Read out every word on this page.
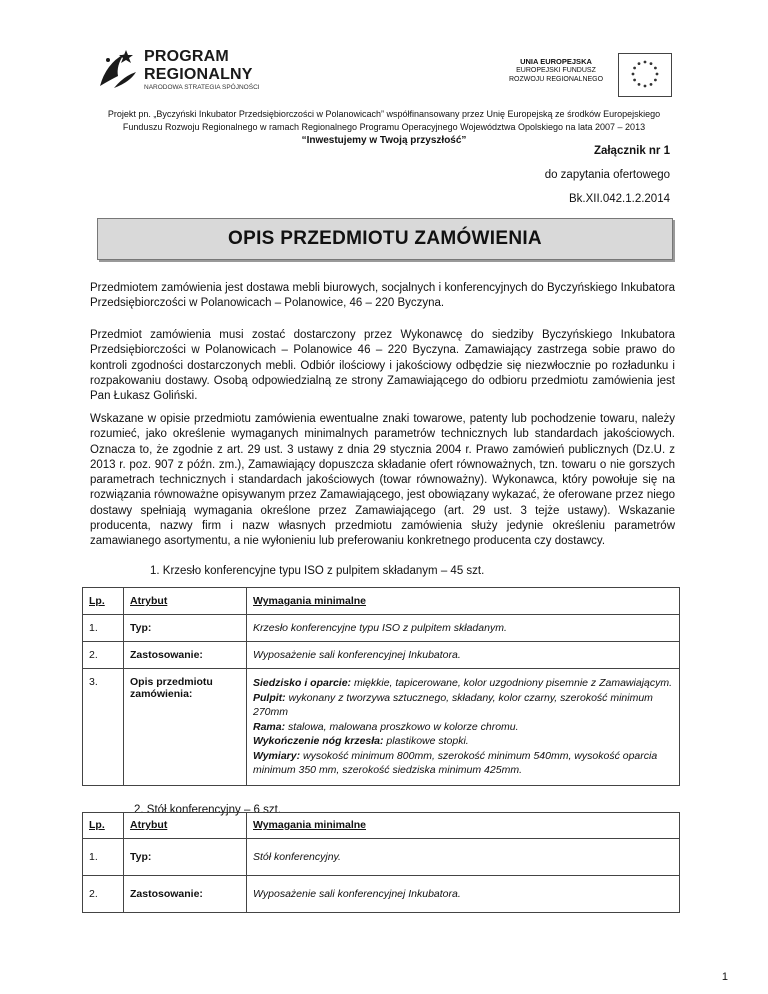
PROGRAM
REGIONALNY
NARODOWA STRATEGIA SPÓJNOŚCI
UNIA EUROPEJSKA
EUROPEJSKI FUNDUSZ
ROZWOJU REGIONALNEGO
Projekt pn. „Byczyński Inkubator Przedsiębiorczości w Polanowicach” współfinansowany przez Unię Europejską ze środków Europejskiego
Funduszu Rozwoju Regionalnego w ramach Regionalnego Programu Operacyjnego Województwa Opolskiego na lata 2007 – 2013
“Inwestujemy w Twoją przyszłość”
Załącznik nr 1
do zapytania ofertowego
Bk.XII.042.1.2.2014
OPIS PRZEDMIOTU ZAMÓWIENIA

Przedmiotem zamówienia jest dostawa mebli biurowych, socjalnych i konferencyjnych do Byczyńskiego Inkubatora Przedsiębiorczości w Polanowicach – Polanowice, 46 – 220 Byczyna.

Przedmiot zamówienia musi zostać dostarczony przez Wykonawcę do siedziby Byczyńskiego Inkubatora Przedsiębiorczości w Polanowicach – Polanowice 46 – 220 Byczyna. Zamawiający zastrzega sobie prawo do kontroli zgodności dostarczonych mebli. Odbiór ilościowy i jakościowy odbędzie się niezwłocznie po rozładunku i rozpakowaniu dostawy. Osobą odpowiedzialną ze strony Zamawiającego do odbioru przedmiotu zamówienia jest Pan Łukasz Goliński.

Wskazane w opisie przedmiotu zamówienia ewentualne znaki towarowe, patenty lub pochodzenie towaru, należy rozumieć, jako określenie wymaganych minimalnych parametrów technicznych lub standardach jakościowych. Oznacza to, że zgodnie z art. 29 ust. 3 ustawy z dnia 29 stycznia 2004 r. Prawo zamówień publicznych (Dz.U. z 2013 r. poz. 907 z późn. zm.), Zamawiający dopuszcza składanie ofert równoważnych, tzn. towaru o nie gorszych parametrach technicznych i standardach jakościowych (towar równoważny). Wykonawca, który powołuje się na rozwiązania równoważne opisywanym przez Zamawiającego, jest obowiązany wykazać, że oferowane przez niego dostawy spełniają wymagania określone przez Zamawiającego (art. 29 ust. 3 tejże ustawy). Wskazanie producenta, nazwy firm i nazw własnych przedmiotu zamówienia służy jedynie określeniu parametrów zamawianego asortymentu, a nie wyłonieniu lub preferowaniu konkretnego producenta czy dostawcy.

1. Krzesło konferencyjne typu ISO z pulpitem składanym – 45 szt.
Lp.	Atrybut	Wymagania minimalne
1.	Typ:	Krzesło konferencyjne typu ISO z pulpitem składanym.
2.	Zastosowanie:	Wyposażenie sali konferencyjnej Inkubatora.
3.	Opis przedmiotu zamówienia:	Siedzisko i oparcie: miękkie, tapicerowane, kolor uzgodniony pisemnie z Zamawiającym.
Pulpit: wykonany z tworzywa sztucznego, składany, kolor czarny, szerokość minimum 270mm
Rama: stalowa, malowana proszkowo w kolorze chromu.
Wykończenie nóg krzesła: plastikowe stopki.
Wymiary: wysokość minimum 800mm, szerokość minimum 540mm, wysokość oparcia minimum 350 mm, szerokość siedziska minimum 425mm.
2. Stół konferencyjny – 6 szt.
Lp.	Atrybut	Wymagania minimalne
1.	Typ:	Stół konferencyjny.
2.	Zastosowanie:	Wyposażenie sali konferencyjnej Inkubatora.
1
